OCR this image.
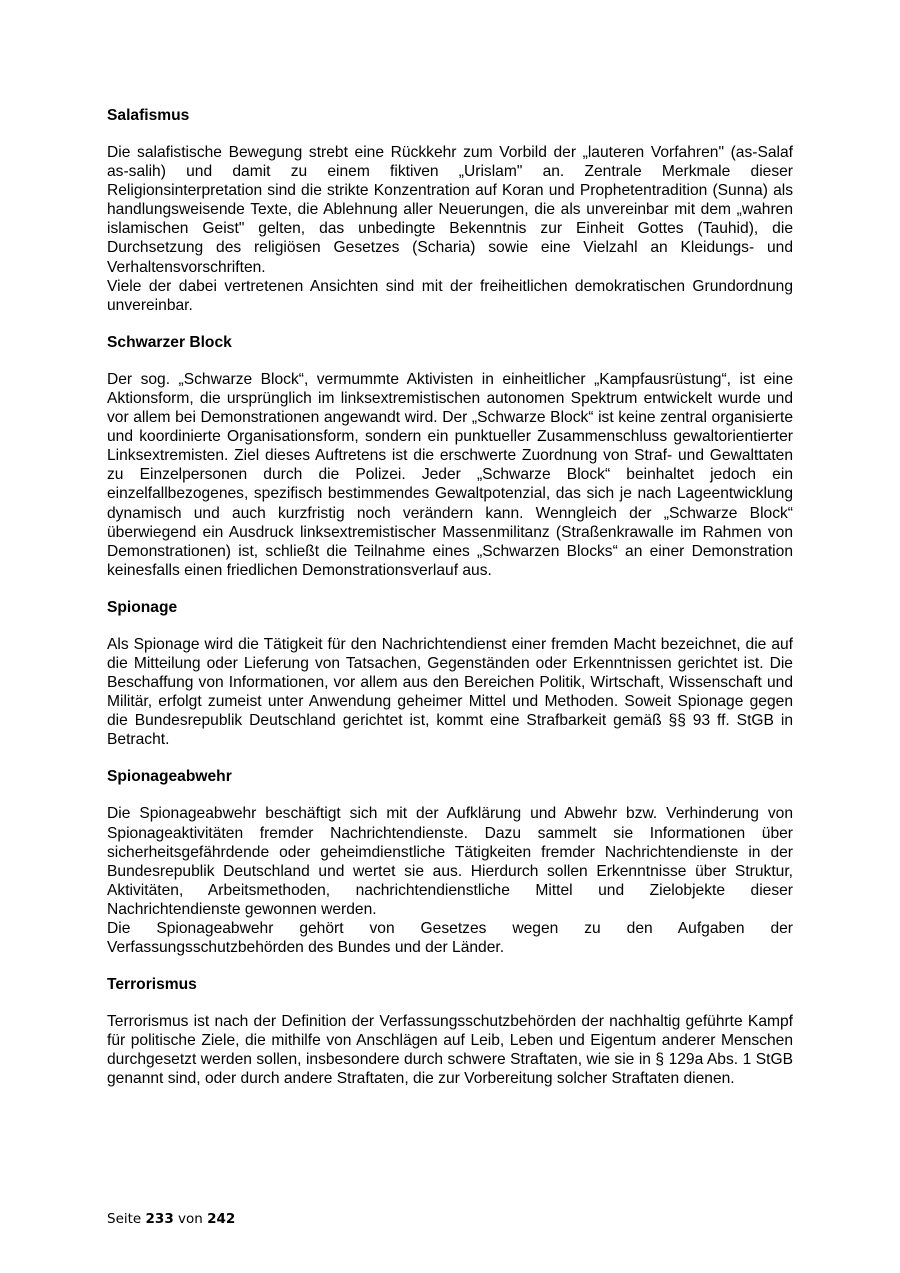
Salafismus

Die salafistische Bewegung strebt eine Rückkehr zum Vorbild der „lauteren Vorfahren" (as-Salaf as-salih) und damit zu einem fiktiven „Urislam" an. Zentrale Merkmale dieser Religionsinterpretation sind die strikte Konzentration auf Koran und Prophetentradition (Sunna) als handlungsweisende Texte, die Ablehnung aller Neuerungen, die als unvereinbar mit dem „wahren islamischen Geist" gelten, das unbedingte Bekenntnis zur Einheit Gottes (Tauhid), die Durchsetzung des religiösen Gesetzes (Scharia) sowie eine Vielzahl an Kleidungs- und Verhaltensvorschriften.

Viele der dabei vertretenen Ansichten sind mit der freiheitlichen demokratischen Grundordnung unvereinbar.

Schwarzer Block

Der sog. „Schwarze Block“, vermummte Aktivisten in einheitlicher „Kampfausrüstung“, ist eine Aktionsform, die ursprünglich im linksextremistischen autonomen Spektrum entwickelt wurde und vor allem bei Demonstrationen angewandt wird. Der „Schwarze Block“ ist keine zentral organisierte und koordinierte Organisationsform, sondern ein punktueller Zusammenschluss gewaltorientierter Linksextremisten. Ziel dieses Auftretens ist die erschwerte Zuordnung von Straf- und Gewalttaten zu Einzelpersonen durch die Polizei. Jeder „Schwarze Block“ beinhaltet jedoch ein einzelfallbezogenes, spezifisch bestimmendes Gewaltpotenzial, das sich je nach Lageentwicklung dynamisch und auch kurzfristig noch verändern kann. Wenngleich der „Schwarze Block“ überwiegend ein Ausdruck linksextremistischer Massenmilitanz (Straßenkrawalle im Rahmen von Demonstrationen) ist, schließt die Teilnahme eines „Schwarzen Blocks“ an einer Demonstration keinesfalls einen friedlichen Demonstrationsverlauf aus.

Spionage

Als Spionage wird die Tätigkeit für den Nachrichtendienst einer fremden Macht bezeichnet, die auf die Mitteilung oder Lieferung von Tatsachen, Gegenständen oder Erkenntnissen gerichtet ist. Die Beschaffung von Informationen, vor allem aus den Bereichen Politik, Wirtschaft, Wissenschaft und Militär, erfolgt zumeist unter Anwendung geheimer Mittel und Methoden. Soweit Spionage gegen die Bundesrepublik Deutschland gerichtet ist, kommt eine Strafbarkeit gemäß §§ 93 ff. StGB in Betracht.

Spionageabwehr

Die Spionageabwehr beschäftigt sich mit der Aufklärung und Abwehr bzw. Verhinderung von Spionageaktivitäten fremder Nachrichtendienste. Dazu sammelt sie Informationen über sicherheitsgefährdende oder geheimdienstliche Tätigkeiten fremder Nachrichtendienste in der Bundesrepublik Deutschland und wertet sie aus. Hierdurch sollen Erkenntnisse über Struktur, Aktivitäten, Arbeitsmethoden, nachrichtendienstliche Mittel und Zielobjekte dieser Nachrichtendienste gewonnen werden.

Die Spionageabwehr gehört von Gesetzes wegen zu den Aufgaben der Verfassungsschutzbehörden des Bundes und der Länder.

Terrorismus

Terrorismus ist nach der Definition der Verfassungsschutzbehörden der nachhaltig geführte Kampf für politische Ziele, die mithilfe von Anschlägen auf Leib, Leben und Eigentum anderer Menschen durchgesetzt werden sollen, insbesondere durch schwere Straftaten, wie sie in § 129a Abs. 1 StGB genannt sind, oder durch andere Straftaten, die zur Vorbereitung solcher Straftaten dienen.

Seite 233 von 242
